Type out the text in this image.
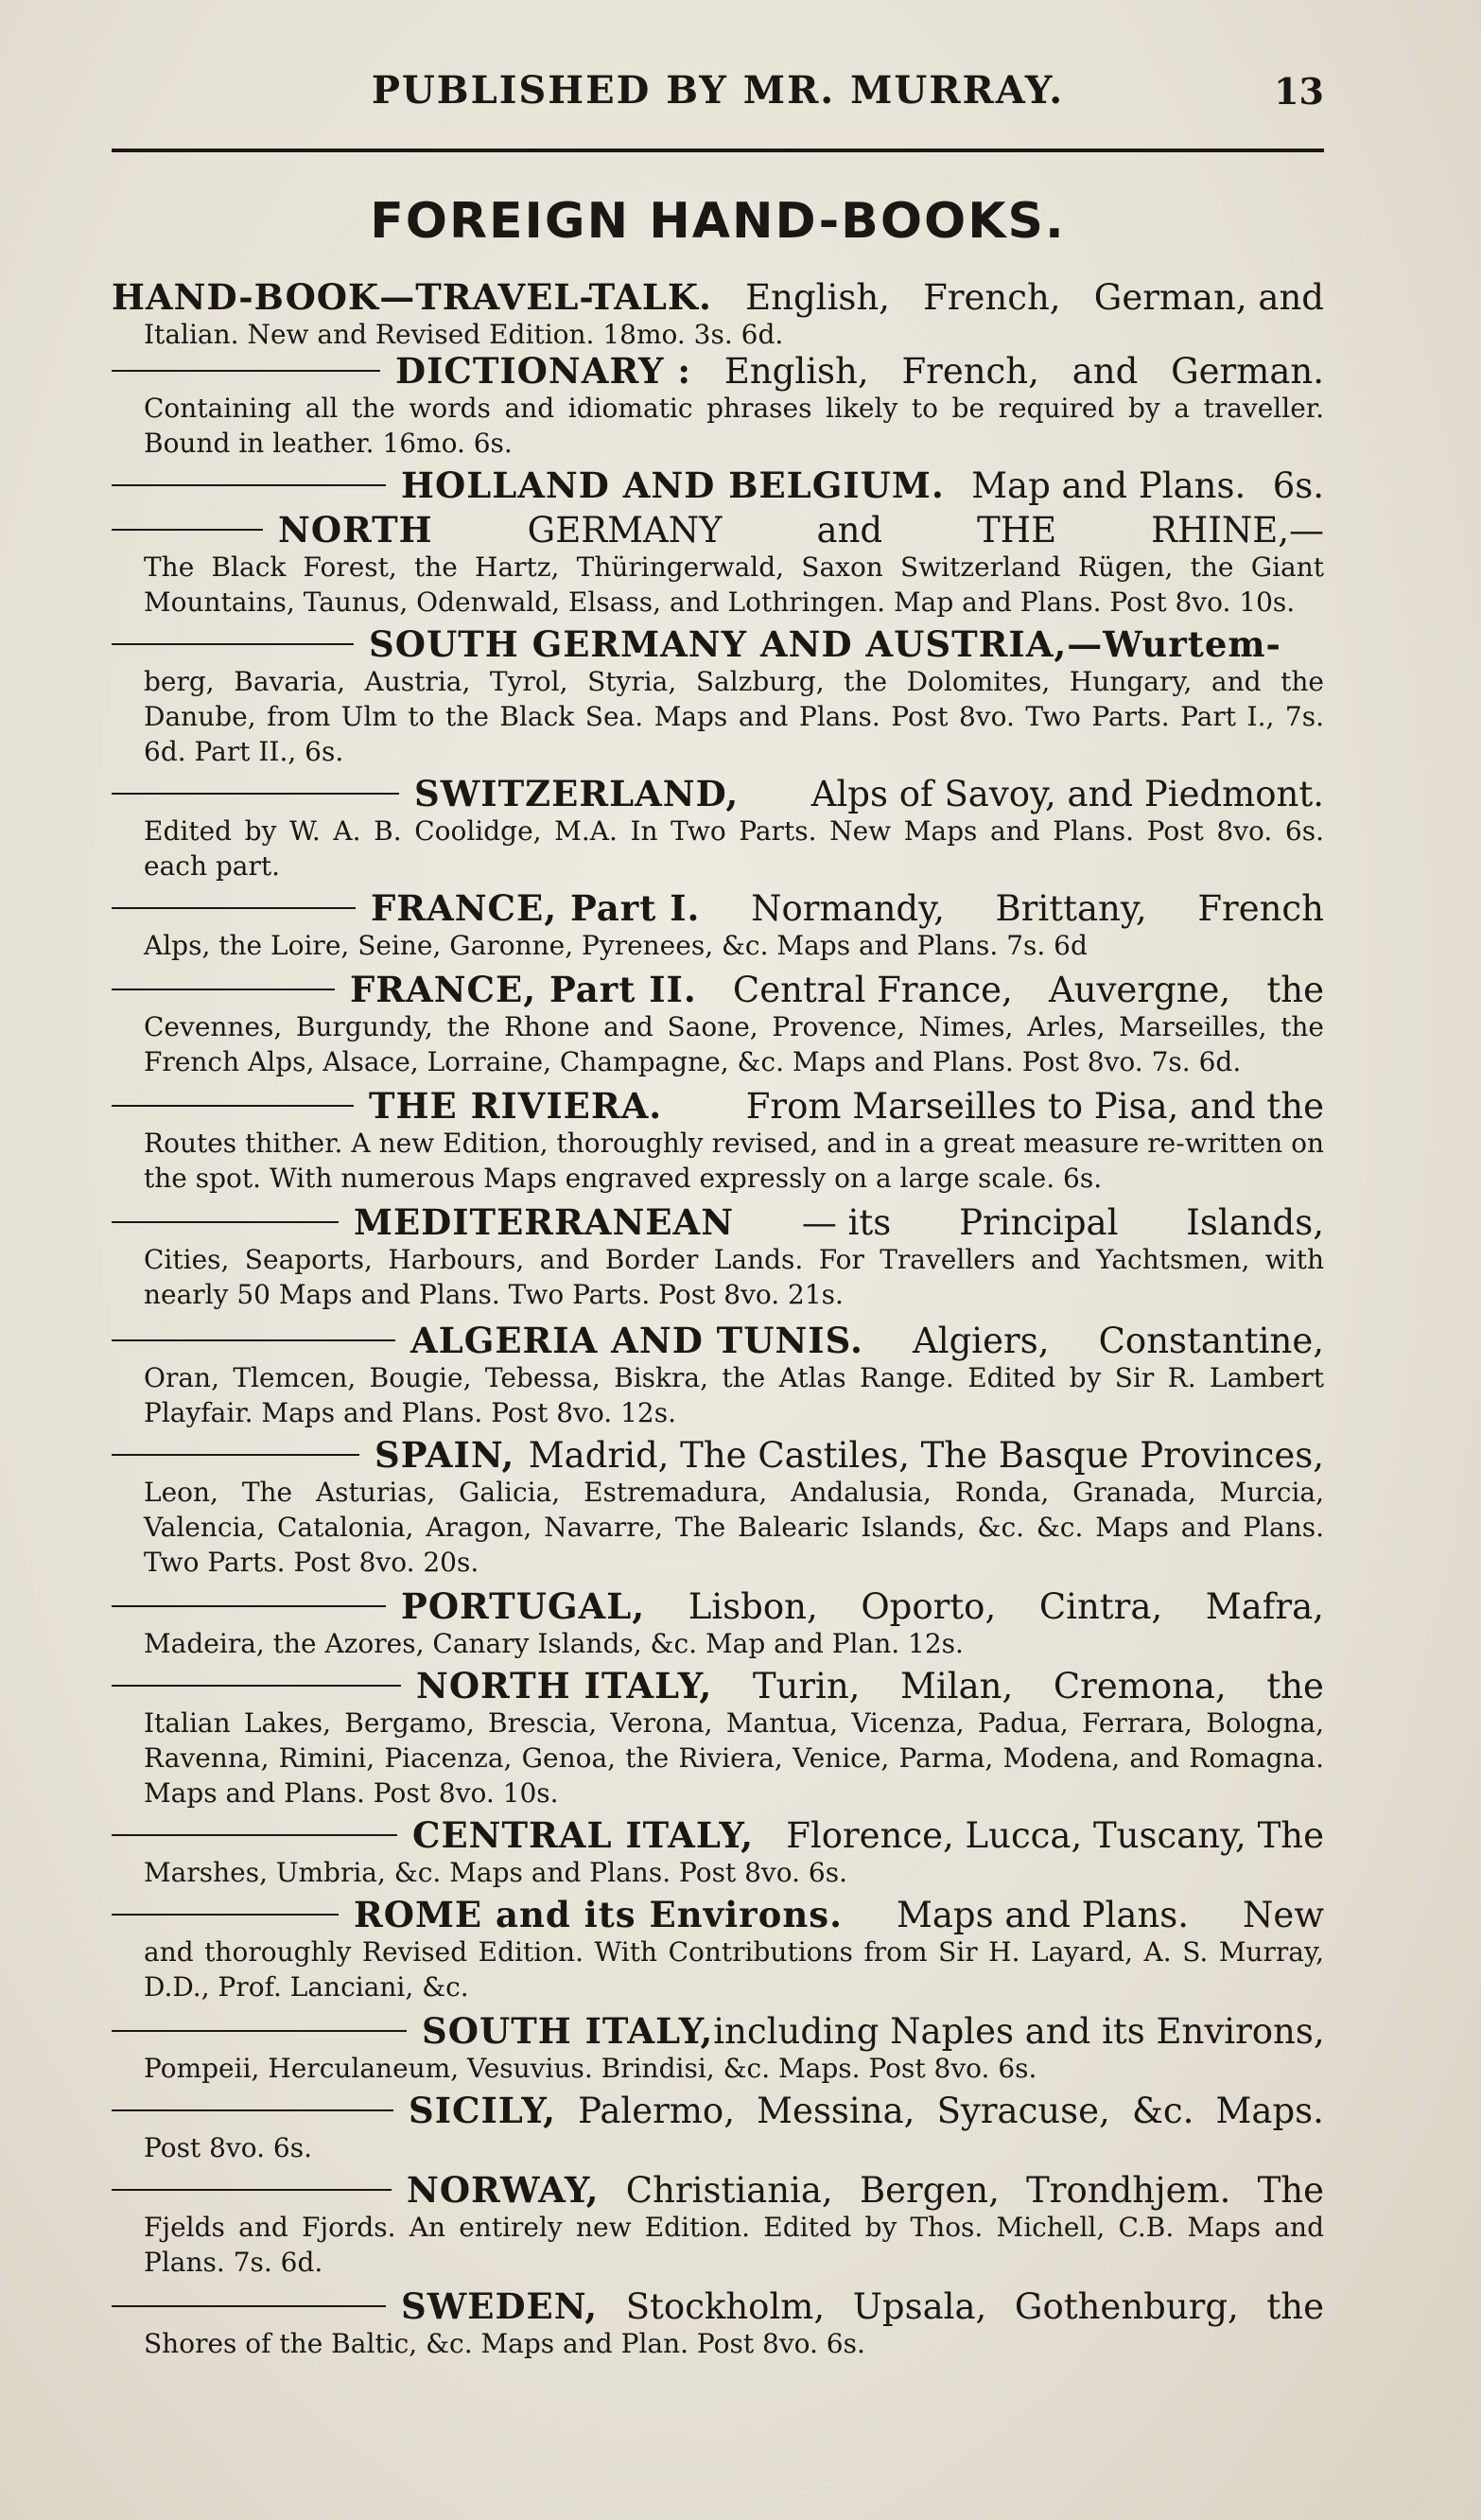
PUBLISHED BY MR. MURRAY.	13
FOREIGN HAND-BOOKS.
HAND-BOOK—TRAVEL-TALK. English, French, German, and

Italian. New and Revised Edition. 18mo. 3s. 6d.

DICTIONARY : English, French, and German.

Containing all the words and idiomatic phrases likely to be required by a traveller. Bound in leather. 16mo. 6s.

HOLLAND AND BELGIUM. Map and Plans. 6s.
NORTH	GERMANY	and	THE	RHINE,—

The Black Forest, the Hartz, Thüringerwald, Saxon Switzerland Rügen, the Giant Mountains, Taunus, Odenwald, Elsass, and Lothringen. Map and Plans. Post 8vo. 10s.

SOUTH GERMANY AND AUSTRIA,—Wurtem-

berg, Bavaria, Austria, Tyrol, Styria, Salzburg, the Dolomites, Hungary, and the Danube, from Ulm to the Black Sea. Maps and Plans. Post 8vo. Two Parts. Part I., 7s. 6d. Part II., 6s.

SWITZERLAND, Alps of Savoy, and Piedmont.

Edited by W. A. B. Coolidge, M.A. In Two Parts. New Maps and Plans. Post 8vo. 6s. each part.

FRANCE, Part I. Normandy, Brittany, French

Alps, the Loire, Seine, Garonne, Pyrenees, &c. Maps and Plans. 7s. 6d

FRANCE, Part II. Central France, Auvergne, the

Cevennes, Burgundy, the Rhone and Saone, Provence, Nimes, Arles, Marseilles, the French Alps, Alsace, Lorraine, Champagne, &c. Maps and Plans. Post 8vo. 7s. 6d.

THE RIVIERA. From Marseilles to Pisa, and the

Routes thither. A new Edition, thoroughly revised, and in a great measure re-written on the spot. With numerous Maps engraved expressly on a large scale. 6s.

MEDITERRANEAN — its Principal Islands,

Cities, Seaports, Harbours, and Border Lands. For Travellers and Yachtsmen, with nearly 50 Maps and Plans. Two Parts. Post 8vo. 21s.

ALGERIA AND TUNIS. Algiers, Constantine,

Oran, Tlemcen, Bougie, Tebessa, Biskra, the Atlas Range. Edited by Sir R. Lambert Playfair. Maps and Plans. Post 8vo. 12s.

SPAIN, Madrid, The Castiles, The Basque Provinces,

Leon, The Asturias, Galicia, Estremadura, Andalusia, Ronda, Granada, Murcia, Valencia, Catalonia, Aragon, Navarre, The Balearic Islands, &c. &c. Maps and Plans. Two Parts. Post 8vo. 20s.

PORTUGAL, Lisbon, Oporto, Cintra, Mafra,

Madeira, the Azores, Canary Islands, &c. Map and Plan. 12s.

NORTH ITALY, Turin, Milan, Cremona, the

Italian Lakes, Bergamo, Brescia, Verona, Mantua, Vicenza, Padua, Ferrara, Bologna, Ravenna, Rimini, Piacenza, Genoa, the Riviera, Venice, Parma, Modena, and Romagna. Maps and Plans. Post 8vo. 10s.

CENTRAL ITALY, Florence, Lucca, Tuscany, The

Marshes, Umbria, &c. Maps and Plans. Post 8vo. 6s.

ROME and its Environs. Maps and Plans. New

and thoroughly Revised Edition. With Contributions from Sir H. Layard, A. S. Murray, D.D., Prof. Lanciani, &c.

SOUTH ITALY, including Naples and its Environs,

Pompeii, Herculaneum, Vesuvius. Brindisi, &c. Maps. Post 8vo. 6s.

SICILY, Palermo, Messina, Syracuse, &c. Maps.

Post 8vo. 6s.

NORWAY, Christiania, Bergen, Trondhjem. The

Fjelds and Fjords. An entirely new Edition. Edited by Thos. Michell, C.B. Maps and Plans. 7s. 6d.

SWEDEN, Stockholm, Upsala, Gothenburg, the

Shores of the Baltic, &c. Maps and Plan. Post 8vo. 6s.
